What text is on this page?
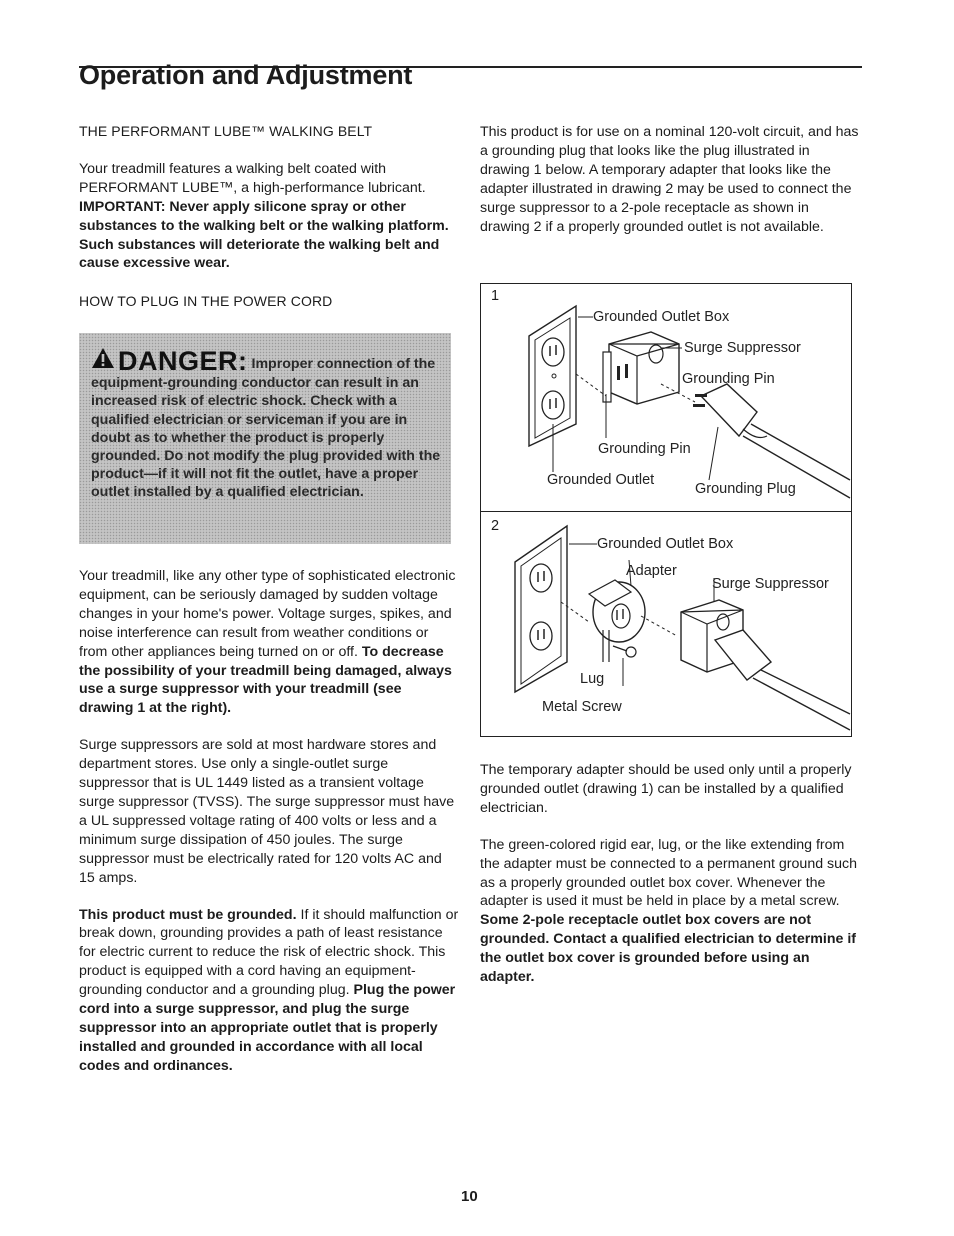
Operation and Adjustment

THE PERFORMANT LUBE™ WALKING BELT

Your treadmill features a walking belt coated with PERFORMANT LUBE™, a high-performance lubricant. IMPORTANT: Never apply silicone spray or other substances to the walking belt or the walking platform. Such substances will deteriorate the walking belt and cause excessive wear.

HOW TO PLUG IN THE POWER CORD

DANGER: Improper connection of the equipment-grounding conductor can result in an increased risk of electric shock. Check with a qualified electrician or serviceman if you are in doubt as to whether the product is properly grounded. Do not modify the plug provided with the product—if it will not fit the outlet, have a proper outlet installed by a qualified electrician.

Your treadmill, like any other type of sophisticated electronic equipment, can be seriously damaged by sudden voltage changes in your home's power. Voltage surges, spikes, and noise interference can result from weather conditions or from other appliances being turned on or off. To decrease the possibility of your treadmill being damaged, always use a surge suppressor with your treadmill (see drawing 1 at the right).

Surge suppressors are sold at most hardware stores and department stores. Use only a single-outlet surge suppressor that is UL 1449 listed as a transient voltage surge suppressor (TVSS). The surge suppressor must have a UL suppressed voltage rating of 400 volts or less and a minimum surge dissipation of 450 joules. The surge suppressor must be electrically rated for 120 volts AC and 15 amps.

This product must be grounded. If it should malfunction or break down, grounding provides a path of least resistance for electric current to reduce the risk of electric shock. This product is equipped with a cord having an equipment-grounding conductor and a grounding plug. Plug the power cord into a surge suppressor, and plug the surge suppressor into an appropriate outlet that is properly installed and grounded in accordance with all local codes and ordinances.

This product is for use on a nominal 120-volt circuit, and has a grounding plug that looks like the plug illustrated in drawing 1 below. A temporary adapter that looks like the adapter illustrated in drawing 2 may be used to connect the surge suppressor to a 2-pole receptacle as shown in drawing 2 if a properly grounded outlet is not available.
1
Grounded Outlet Box
Surge Suppressor
Grounding Pin
Grounding Pin
Grounded Outlet
Grounding Plug
2
Grounded Outlet Box
Adapter
Surge Suppressor
Lug
Metal Screw

The temporary adapter should be used only until a properly grounded outlet (drawing 1) can be installed by a qualified electrician.

The green-colored rigid ear, lug, or the like extending from the adapter must be connected to a permanent ground such as a properly grounded outlet box cover. Whenever the adapter is used it must be held in place by a metal screw. Some 2-pole receptacle outlet box covers are not grounded. Contact a qualified electrician to determine if the outlet box cover is grounded before using an adapter.

10
